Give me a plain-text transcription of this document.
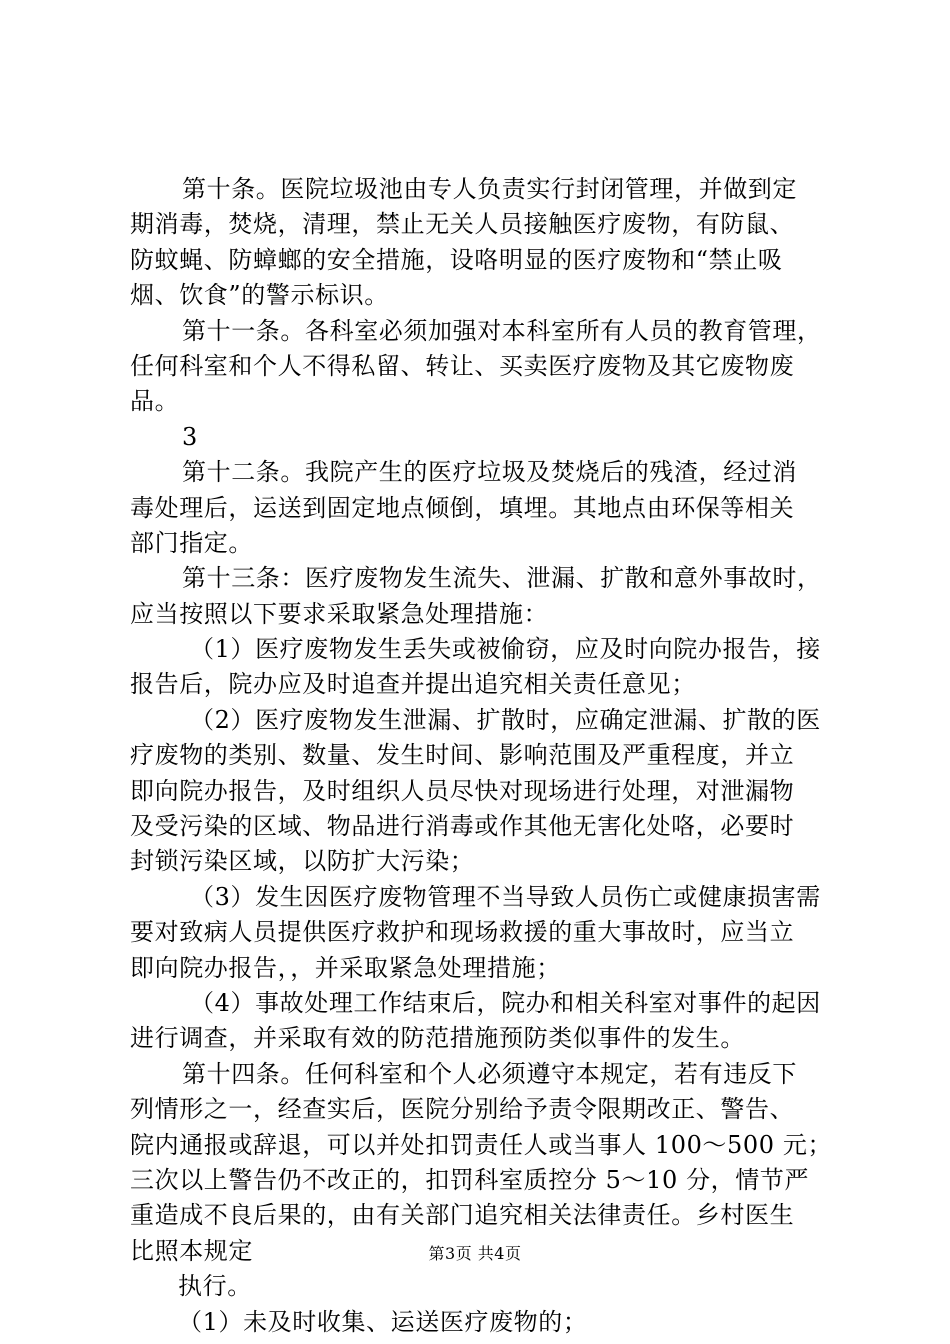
第十条。医院垃圾池由专人负责实行封闭管理，并做到定
期消毒，焚烧，清理，禁止无关人员接触医疗废物，有防鼠、
防蚊蝇、防蟑螂的安全措施，设咯明显的医疗废物和“禁止吸
烟、饮食”的警示标识。
第十一条。各科室必须加强对本科室所有人员的教育管理，
任何科室和个人不得私留、转让、买卖医疗废物及其它废物废
品。
3
第十二条。我院产生的医疗垃圾及焚烧后的残渣，经过消
毒处理后，运送到固定地点倾倒，填埋。其地点由环保等相关
部门指定。
第十三条：医疗废物发生流失、泄漏、扩散和意外事故时，
应当按照以下要求采取紧急处理措施：
（1）医疗废物发生丢失或被偷窃，应及时向院办报告，接
报告后，院办应及时追查并提出追究相关责任意见；
（2）医疗废物发生泄漏、扩散时，应确定泄漏、扩散的医
疗废物的类别、数量、发生时间、影响范围及严重程度，并立
即向院办报告，及时组织人员尽快对现场进行处理，对泄漏物
及受污染的区域、物品进行消毒或作其他无害化处咯，必要时
封锁污染区域，以防扩大污染；
（3）发生因医疗废物管理不当导致人员伤亡或健康损害需
要对致病人员提供医疗救护和现场救援的重大事故时，应当立
即向院办报告，，并采取紧急处理措施；
（4）事故处理工作结束后，院办和相关科室对事件的起因
进行调查，并采取有效的防范措施预防类似事件的发生。
第十四条。任何科室和个人必须遵守本规定，若有违反下
列情形之一，经查实后，医院分别给予责令限期改正、警告、
院内通报或辞退，可以并处扣罚责任人或当事人 100～500 元；
三次以上警告仍不改正的，扣罚科室质控分 5～10 分，情节严
重造成不良后果的，由有关部门追究相关法律责任。乡村医生
比照本规定
执行。
（1）未及时收集、运送医疗废物的；
第3页 共4页
